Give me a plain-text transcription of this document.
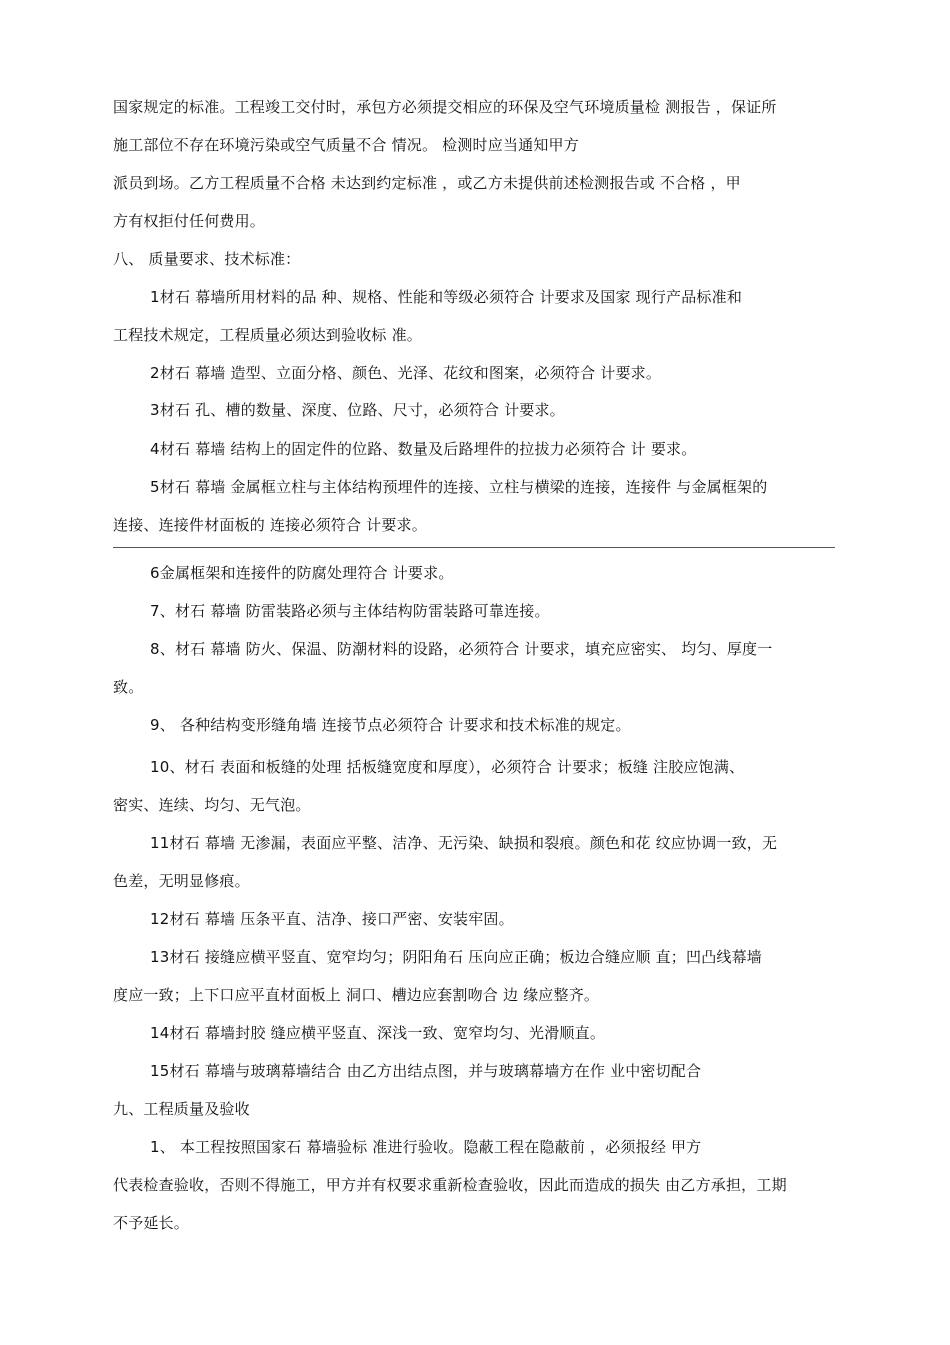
国家规定的标准。工程竣工交付时，承包方必须提交相应的环保及空气环境质量检 测报告 ，保证所
施工部位不存在环境污染或空气质量不合 情况。 检测时应当通知甲方
派员到场。乙方工程质量不合格 未达到约定标准 ，或乙方未提供前述检测报告或 不合格 ，甲
方有权拒付任何费用。
八、 质量要求、技术标准：
1材石 幕墙所用材料的品 种、规格、性能和等级必须符合 计要求及国家 现行产品标准和
工程技术规定，工程质量必须达到验收标 准。
2材石 幕墙 造型、立面分格、颜色、光泽、花纹和图案，必须符合 计要求。
3材石 孔、槽的数量、深度、位路、尺寸，必须符合 计要求。
4材石 幕墙 结构上的固定件的位路、数量及后路埋件的拉拔力必须符合 计 要求。
5材石 幕墙 金属框立柱与主体结构预埋件的连接、立柱与横梁的连接，连接件 与金属框架的
连接、连接件材面板的 连接必须符合 计要求。
6金属框架和连接件的防腐处理符合 计要求。
7、材石 幕墙 防雷装路必须与主体结构防雷装路可靠连接。
8、材石 幕墙 防火、保温、防潮材料的设路，必须符合 计要求，填充应密实、 均匀、厚度一
致。
9、 各种结构变形缝角墙 连接节点必须符合 计要求和技术标准的规定。
10、材石 表面和板缝的处理 括板缝宽度和厚度），必须符合 计要求；板缝 注胶应饱满、
密实、连续、均匀、无气泡。
11材石 幕墙 无渗漏，表面应平整、洁净、无污染、缺损和裂痕。颜色和花 纹应协调一致，无
色差，无明显修痕。
12材石 幕墙 压条平直、洁净、接口严密、安装牢固。
13材石 接缝应横平竖直、宽窄均匀；阴阳角石 压向应正确；板边合缝应顺 直；凹凸线幕墙
度应一致；上下口应平直材面板上 洞口、槽边应套割吻合 边 缘应整齐。
14材石 幕墙封胶 缝应横平竖直、深浅一致、宽窄均匀、光滑顺直。
15材石 幕墙与玻璃幕墙结合 由乙方出结点图，并与玻璃幕墙方在作 业中密切配合
九、工程质量及验收
1、 本工程按照国家石 幕墙验标 准进行验收。隐蔽工程在隐蔽前 ，必须报经 甲方
代表检查验收，否则不得施工，甲方并有权要求重新检查验收，因此而造成的损失 由乙方承担，工期
不予延长。
